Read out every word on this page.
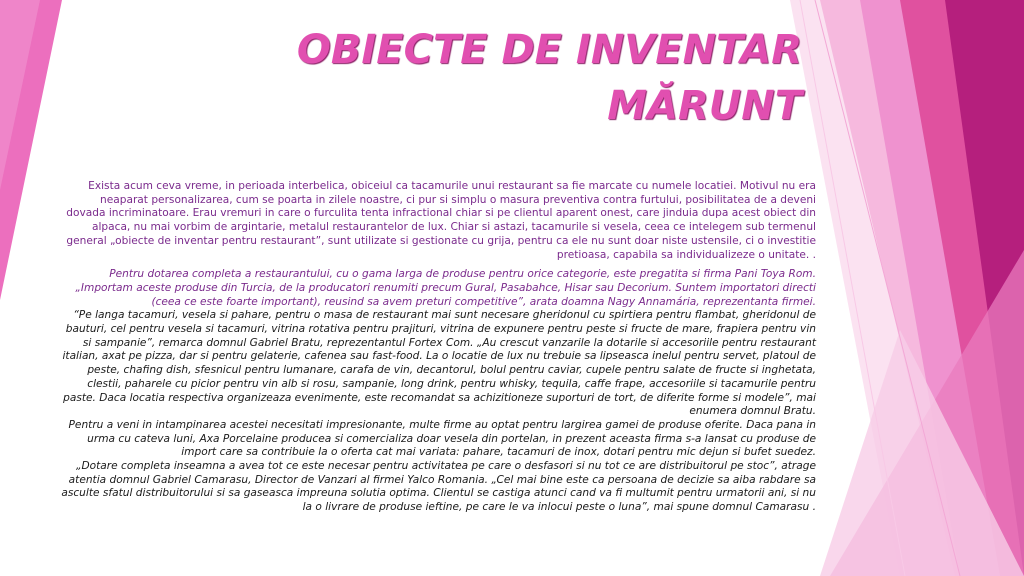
OBIECTE DE INVENTAR
MĂRUNT

Exista acum ceva vreme, in perioada interbelica, obiceiul ca tacamurile unui restaurant sa fie marcate cu numele locatiei. Motivul nu era neaparat personalizarea, cum se poarta in zilele noastre, ci pur si simplu o masura preventiva contra furtului, posibilitatea de a deveni dovada incriminatoare. Erau vremuri in care o furculita tenta infractional chiar si pe clientul aparent onest, care jinduia dupa acest obiect din alpaca, nu mai vorbim de argintarie, metalul restaurantelor de lux. Chiar si astazi, tacamurile si vesela, ceea ce intelegem sub termenul general „obiecte de inventar pentru restaurant”, sunt utilizate si gestionate cu grija, pentru ca ele nu sunt doar niste ustensile, ci o investitie pretioasa, capabila sa individualizeze o unitate. .

Pentru dotarea completa a restaurantului, cu o gama larga de produse pentru orice categorie, este pregatita si firma Pani Toya Rom. „Importam aceste produse din Turcia, de la producatori renumiti precum Gural, Pasabahce, Hisar sau Decorium. Suntem importatori directi (ceea ce este foarte important), reusind sa avem preturi competitive”, arata doamna Nagy Annamária, reprezentanta firmei.

“Pe langa tacamuri, vesela si pahare, pentru o masa de restaurant mai sunt necesare gheridonul cu spirtiera pentru flambat, gheridonul de bauturi, cel pentru vesela si tacamuri, vitrina rotativa pentru prajituri, vitrina de expunere pentru peste si fructe de mare, frapiera pentru vin si sampanie”, remarca domnul Gabriel Bratu, reprezentantul Fortex Com. „Au crescut vanzarile la dotarile si accesoriile pentru restaurant italian, axat pe pizza, dar si pentru gelaterie, cafenea sau fast-food. La o locatie de lux nu trebuie sa lipseasca inelul pentru servet, platoul de peste, chafing dish, sfesnicul pentru lumanare, carafa de vin, decantorul, bolul pentru caviar, cupele pentru salate de fructe si inghetata, clestii, paharele cu picior pentru vin alb si rosu, sampanie, long drink, pentru whisky, tequila, caffe frape, accesoriile si tacamurile pentru paste. Daca locatia respectiva organizeaza evenimente, este recomandat sa achizitioneze suporturi de tort, de diferite forme si modele”, mai enumera domnul Bratu.

Pentru a veni in intampinarea acestei necesitati impresionante, multe firme au optat pentru largirea gamei de produse oferite. Daca pana in urma cu cateva luni, Axa Porcelaine producea si comercializa doar vesela din portelan, in prezent aceasta firma s-a lansat cu produse de import care sa contribuie la o oferta cat mai variata: pahare, tacamuri de inox, dotari pentru mic dejun si bufet suedez.

„Dotare completa inseamna a avea tot ce este necesar pentru activitatea pe care o desfasori si nu tot ce are distribuitorul pe stoc”, atrage atentia domnul Gabriel Camarasu, Director de Vanzari al firmei Yalco Romania. „Cel mai bine este ca persoana de decizie sa aiba rabdare sa asculte sfatul distribuitorului si sa gaseasca impreuna solutia optima. Clientul se castiga atunci cand va fi multumit pentru urmatorii ani, si nu la o livrare de produse ieftine, pe care le va inlocui peste o luna”, mai spune domnul Camarasu .
